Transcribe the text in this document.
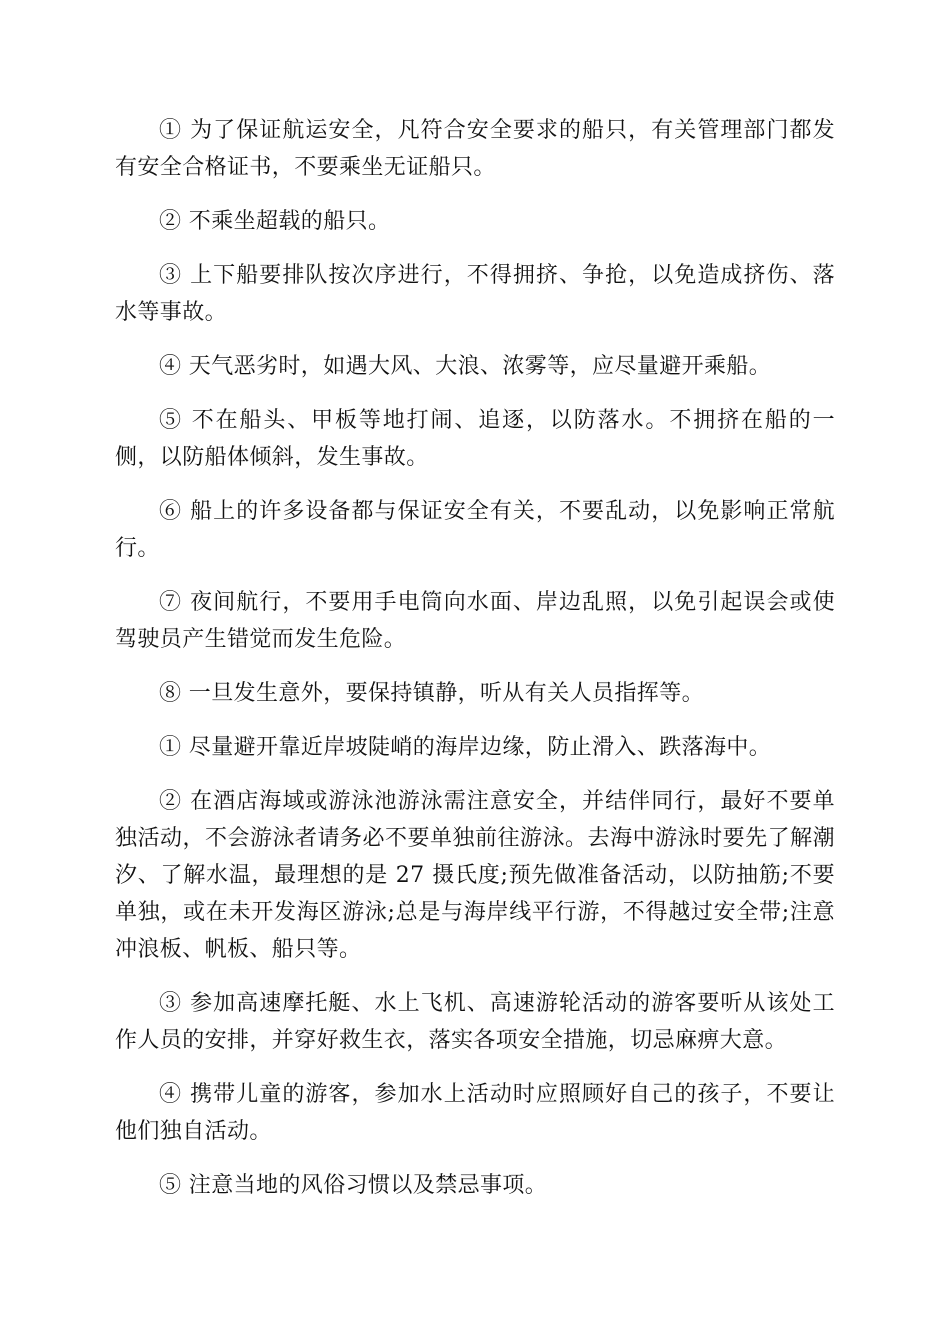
① 为了保证航运安全，凡符合安全要求的船只，有关管理部门都发有安全合格证书，不要乘坐无证船只。

② 不乘坐超载的船只。

③ 上下船要排队按次序进行，不得拥挤、争抢，以免造成挤伤、落水等事故。

④ 天气恶劣时，如遇大风、大浪、浓雾等，应尽量避开乘船。

⑤ 不在船头、甲板等地打闹、追逐，以防落水。不拥挤在船的一侧，以防船体倾斜，发生事故。

⑥ 船上的许多设备都与保证安全有关，不要乱动，以免影响正常航行。

⑦ 夜间航行，不要用手电筒向水面、岸边乱照，以免引起误会或使驾驶员产生错觉而发生危险。

⑧ 一旦发生意外，要保持镇静，听从有关人员指挥等。

① 尽量避开靠近岸坡陡峭的海岸边缘，防止滑入、跌落海中。

② 在酒店海域或游泳池游泳需注意安全，并结伴同行，最好不要单独活动，不会游泳者请务必不要单独前往游泳。去海中游泳时要先了解潮汐、了解水温，最理想的是 27 摄氏度;预先做准备活动，以防抽筋;不要单独，或在未开发海区游泳;总是与海岸线平行游，不得越过安全带;注意冲浪板、帆板、船只等。

③ 参加高速摩托艇、水上飞机、高速游轮活动的游客要听从该处工作人员的安排，并穿好救生衣，落实各项安全措施，切忌麻痹大意。

④ 携带儿童的游客，参加水上活动时应照顾好自己的孩子，不要让他们独自活动。

⑤ 注意当地的风俗习惯以及禁忌事项。
